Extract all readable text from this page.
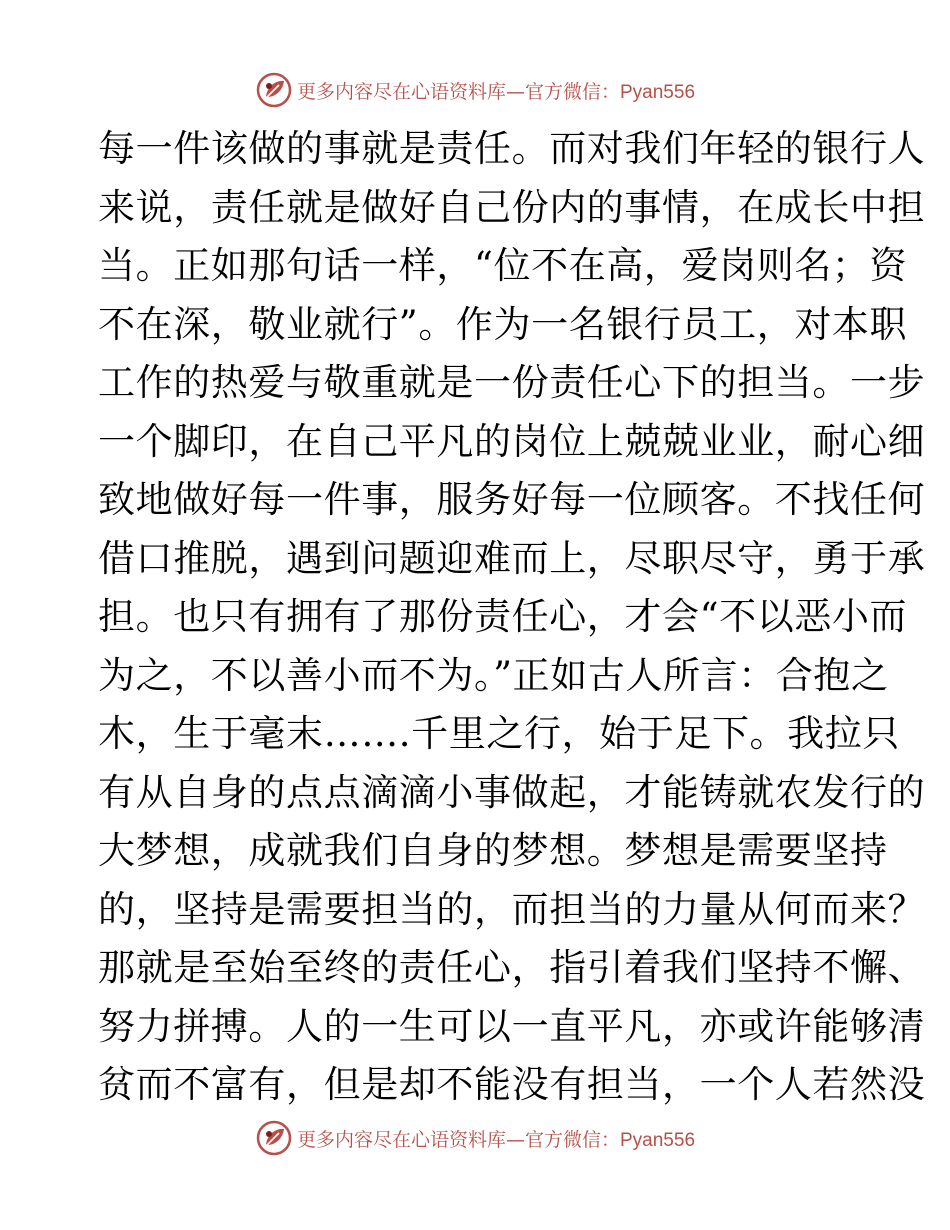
更多内容尽在心语资料库—官方微信：Pyan556
每一件该做的事就是责任。而对我们年轻的银行人
来说，责任就是做好自己份内的事情，在成长中担
当。正如那句话一样，“位不在高，爱岗则名；资
不在深，敬业就行”。作为一名银行员工，对本职
工作的热爱与敬重就是一份责任心下的担当。一步
一个脚印，在自己平凡的岗位上兢兢业业，耐心细
致地做好每一件事，服务好每一位顾客。不找任何
借口推脱，遇到问题迎难而上，尽职尽守，勇于承
担。也只有拥有了那份责任心，才会“不以恶小而
为之，不以善小而不为。”正如古人所言：合抱之
木，生于毫末…….千里之行，始于足下。我拉只
有从自身的点点滴滴小事做起，才能铸就农发行的
大梦想，成就我们自身的梦想。梦想是需要坚持
的，坚持是需要担当的，而担当的力量从何而来？
那就是至始至终的责任心，指引着我们坚持不懈、
努力拼搏。人的一生可以一直平凡，亦或许能够清
贫而不富有，但是却不能没有担当，一个人若然没
更多内容尽在心语资料库—官方微信：Pyan556
